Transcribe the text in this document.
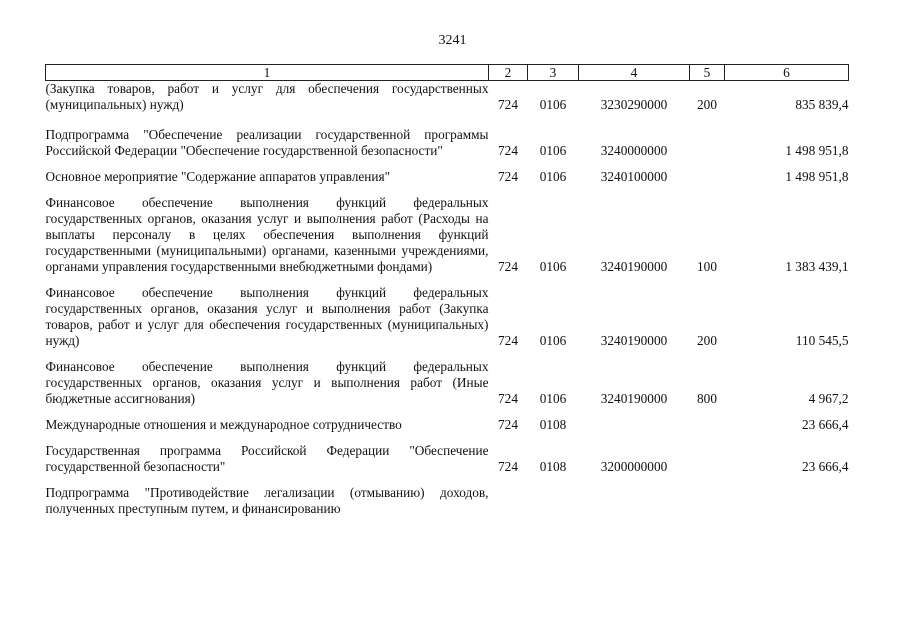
3241
1	2	3	4	5	6
(Закупка товаров, работ и услуг для обеспечения государственных (муниципальных) нужд)	724	0106	3230290000	200	835 839,4

Подпрограмма "Обеспечение реализации государственной программы Российской Федерации "Обеспечение государственной безопасности"	724	0106	3240000000		1 498 951,8

Основное мероприятие "Содержание аппаратов управления"	724	0106	3240100000		1 498 951,8

Финансовое обеспечение выполнения функций федеральных государственных органов, оказания услуг и выполнения работ (Расходы на выплаты персоналу в целях обеспечения выполнения функций государственными (муниципальными) органами, казенными учреждениями, органами управления государственными внебюджетными фондами)	724	0106	3240190000	100	1 383 439,1

Финансовое обеспечение выполнения функций федеральных государственных органов, оказания услуг и выполнения работ (Закупка товаров, работ и услуг для обеспечения государственных (муниципальных) нужд)	724	0106	3240190000	200	110 545,5

Финансовое обеспечение выполнения функций федеральных государственных органов, оказания услуг и выполнения работ (Иные бюджетные ассигнования)	724	0106	3240190000	800	4 967,2

Международные отношения и международное сотрудничество	724	0108			23 666,4

Государственная программа Российской Федерации "Обеспечение государственной безопасности"	724	0108	3200000000		23 666,4

Подпрограмма "Противодействие легализации (отмыванию) доходов, полученных преступным путем, и финансированию					
